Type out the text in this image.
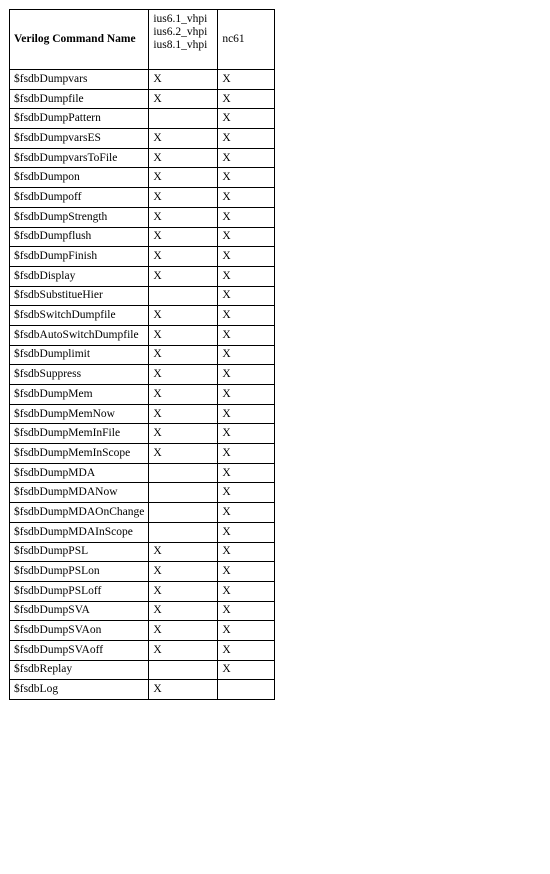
Verilog Command Name	ius6.1_vhpi
ius6.2_vhpi
ius8.1_vhpi	nc61
$fsdbDumpvars	X	X
$fsdbDumpfile	X	X
$fsdbDumpPattern		X
$fsdbDumpvarsES	X	X
$fsdbDumpvarsToFile	X	X
$fsdbDumpon	X	X
$fsdbDumpoff	X	X
$fsdbDumpStrength	X	X
$fsdbDumpflush	X	X
$fsdbDumpFinish	X	X
$fsdbDisplay	X	X
$fsdbSubstitueHier		X
$fsdbSwitchDumpfile	X	X
$fsdbAutoSwitchDumpfile	X	X
$fsdbDumplimit	X	X
$fsdbSuppress	X	X
$fsdbDumpMem	X	X
$fsdbDumpMemNow	X	X
$fsdbDumpMemInFile	X	X
$fsdbDumpMemInScope	X	X
$fsdbDumpMDA		X
$fsdbDumpMDANow		X
$fsdbDumpMDAOnChange		X
$fsdbDumpMDAInScope		X
$fsdbDumpPSL	X	X
$fsdbDumpPSLon	X	X
$fsdbDumpPSLoff	X	X
$fsdbDumpSVA	X	X
$fsdbDumpSVAon	X	X
$fsdbDumpSVAoff	X	X
$fsdbReplay		X
$fsdbLog	X	
